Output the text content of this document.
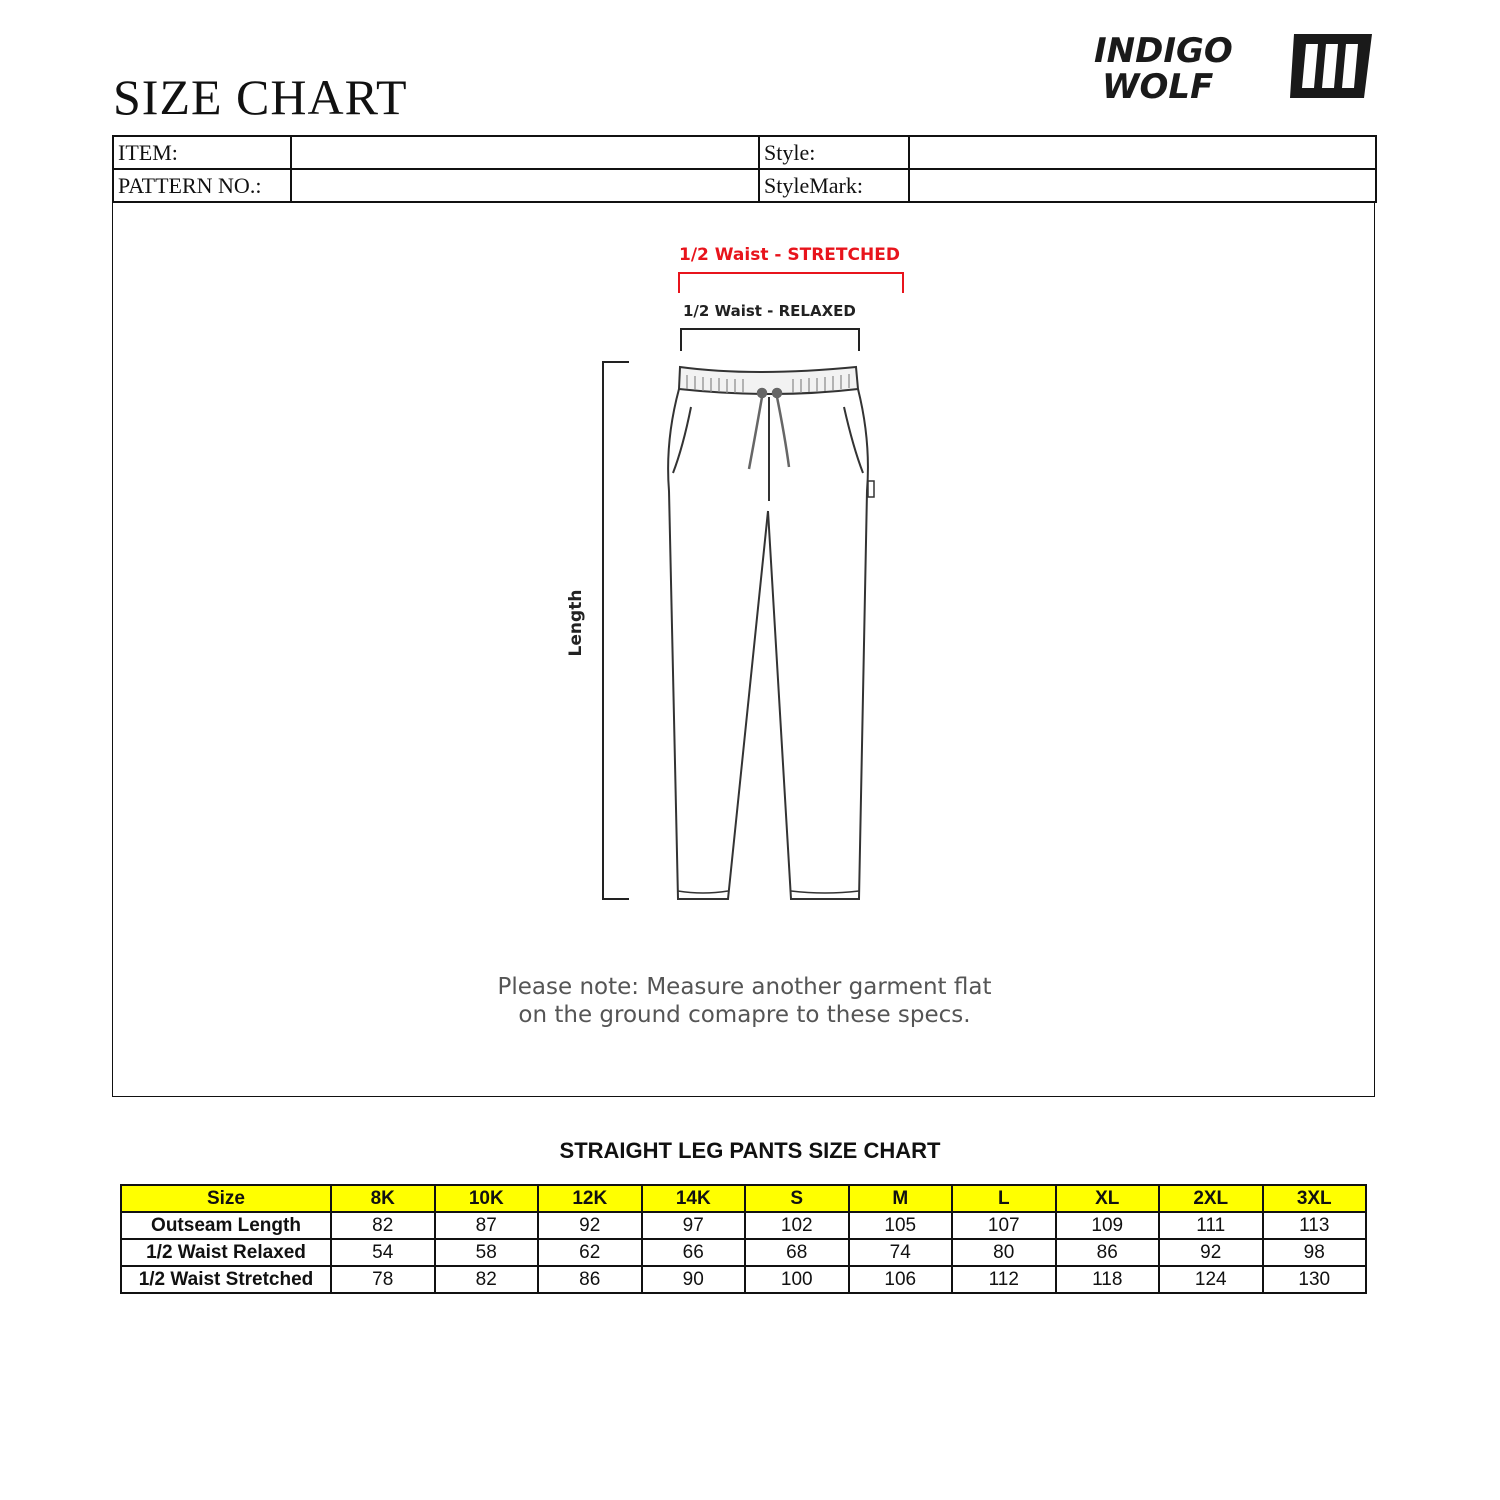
SIZE CHART
INDIGO
WOLF
ITEM:		Style:	
PATTERN NO.:		StyleMark:	
1/2 Waist - STRETCHED
1/2 Waist - RELAXED
Length
Please note: Measure another garment flat
on the ground comapre to these specs.
STRAIGHT LEG PANTS SIZE CHART
Size	8K	10K	12K	14K	S	M	L	XL	2XL	3XL
Outseam Length	82	87	92	97	102	105	107	109	111	113
1/2 Waist Relaxed	54	58	62	66	68	74	80	86	92	98
1/2 Waist Stretched	78	82	86	90	100	106	112	118	124	130
